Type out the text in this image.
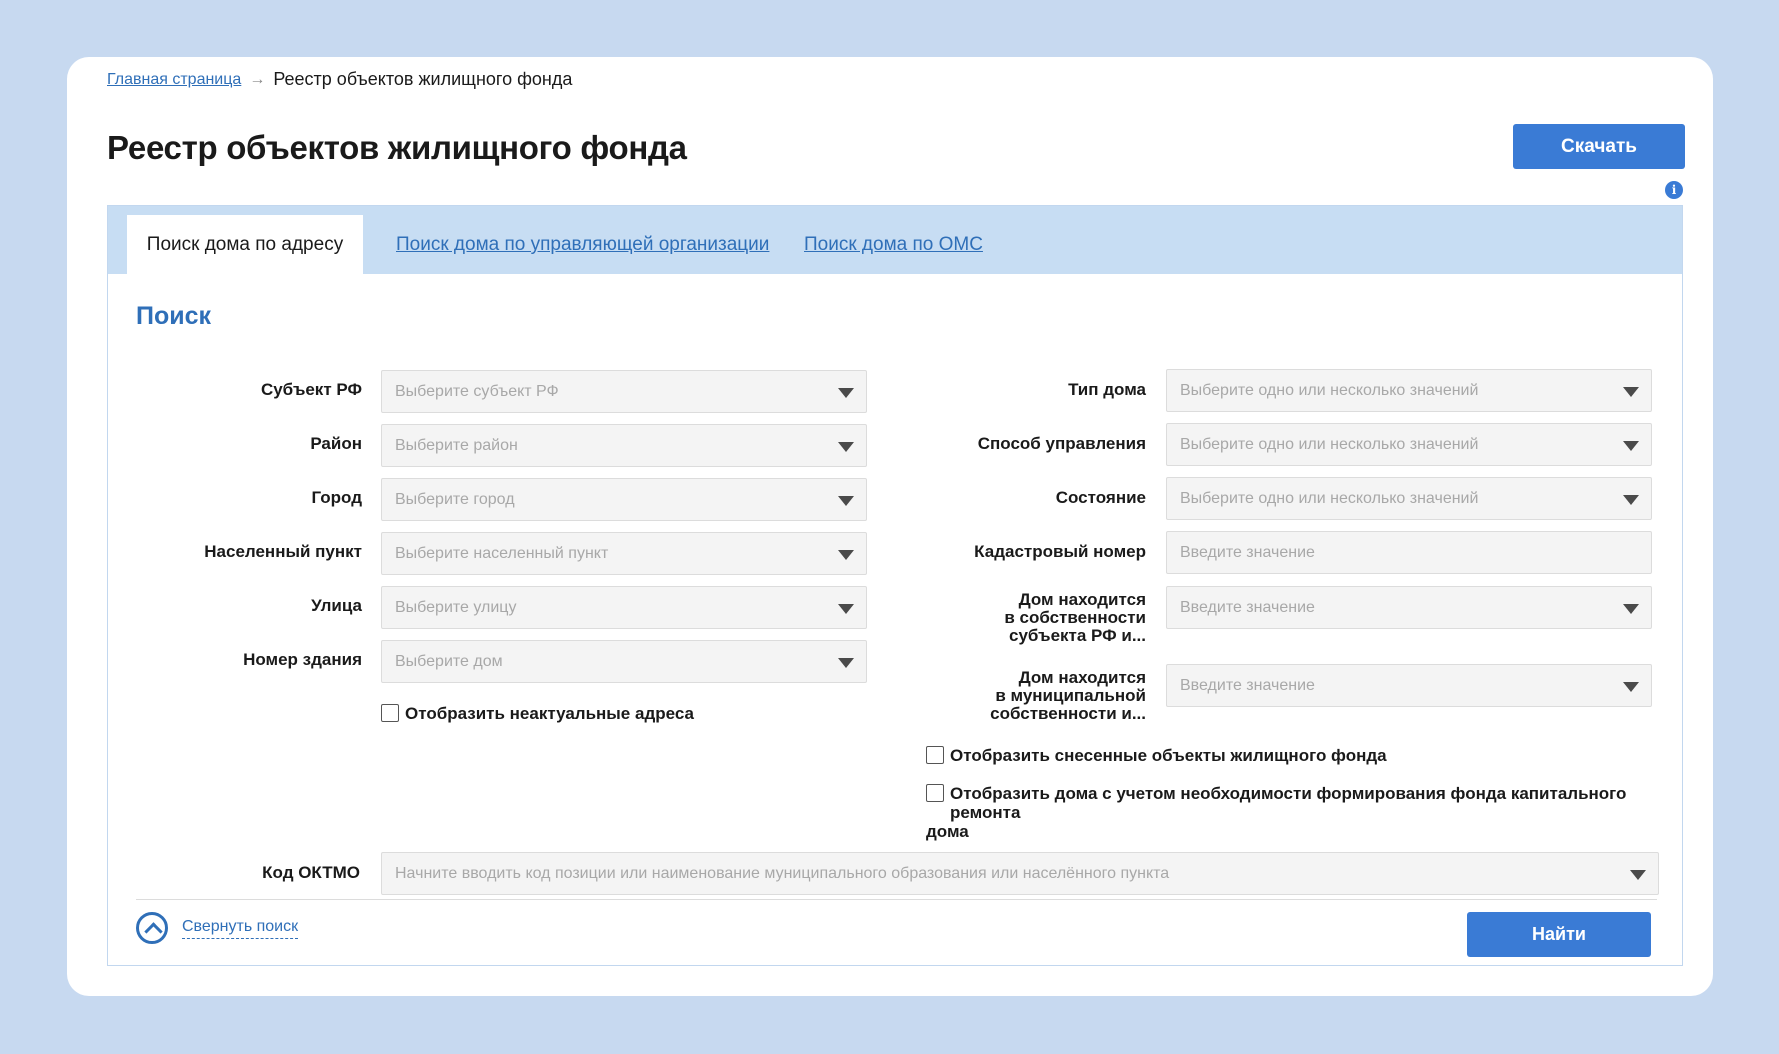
Главная страница → Реестр объектов жилищного фонда
Реестр объектов жилищного фонда	Скачать
i
Поиск дома по адресу	Поиск дома по управляющей организации Поиск дома по ОМС
Поиск
Субъект РФ Выберите субъект РФ
Район Выберите район
Город Выберите город
Населенный пункт Выберите населенный пункт
Улица Выберите улицу
Номер здания Выберите дом
Отобразить неактуальные адреса
Тип дома Выберите одно или несколько значений
Способ управления Выберите одно или несколько значений
Состояние Выберите одно или несколько значений
Кадастровый номер Введите значение
Дом находится
в собственности
субъекта РФ и...
Введите значение
Дом находится
в муниципальной
собственности и...
Введите значение
Отобразить снесенные объекты жилищного фонда
Отобразить дома с учетом необходимости формирования фонда капитального ремонта
дома
Код ОКТМО Начните вводить код позиции или наименование муниципального образования или населённого пункта
Свернуть поиск	Найти
